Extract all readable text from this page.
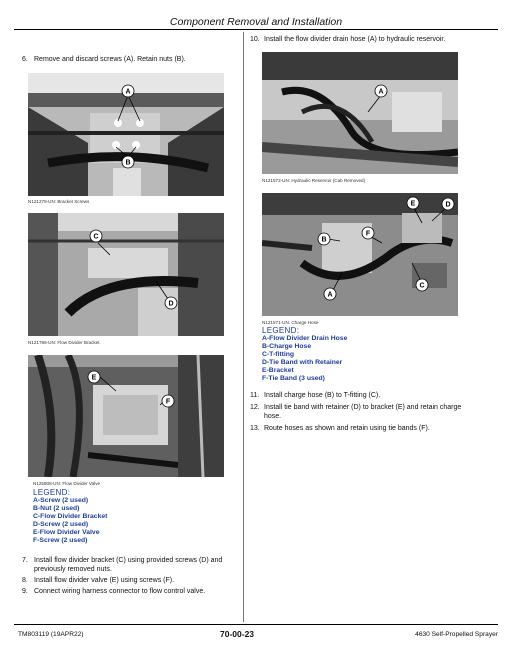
Component Removal and Installation
6. Remove and discard screws (A). Retain nuts (B).
A
B
N121278-UN: Bracket Screws
C
D
N121786-UN: Flow Divider Bracket
E
F
N125808-UN: Flow Divider Valve
LEGEND:
A-Screw (2 used)
B-Nut (2 used)
C-Flow Divider Bracket
D-Screw (2 used)
E-Flow Divider Valve
F-Screw (2 used)
7. Install flow divider bracket (C) using provided screws (D) and previously removed nuts.
8. Install flow divider valve (E) using screws (F).
9. Connect wiring harness connector to flow control valve.
10. Install the flow divider drain hose (A) to hydraulic reservoir.
A
N121572-UN: Hydraulic Reservoir (Cab Removed)
A
B
C
D
E
F
N121571-UN: Charge Hose
LEGEND:
A-Flow Divider Drain Hose
B-Charge Hose
C-T-fitting
D-Tie Band with Retainer
E-Bracket
F-Tie Band (3 used)
11. Install charge hose (B) to T-fitting (C).
12. Install tie band with retainer (D) to bracket (E) and retain charge hose.
13. Route hoses as shown and retain using tie bands (F).
TM803119 (19APR22)	70-00-23	4630 Self-Propelled Sprayer
